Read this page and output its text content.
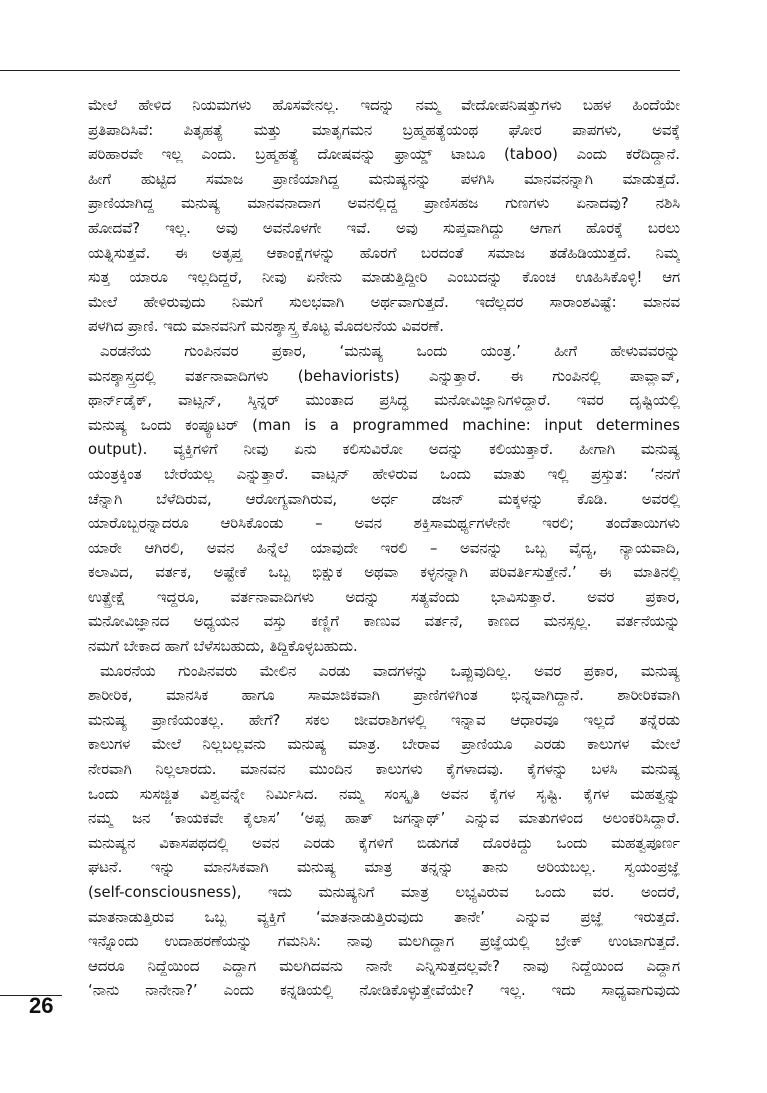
ಮೇಲೆ ಹೇಳಿದ ನಿಯಮಗಳು ಹೊಸವೇನಲ್ಲ. ಇದನ್ನು ನಮ್ಮ ವೇದೋಪನಿಷತ್ತುಗಳು ಬಹಳ ಹಿಂದೆಯೇ
ಪ್ರತಿಪಾದಿಸಿವೆ: ಪಿತೃಹತ್ಯೆ ಮತ್ತು ಮಾತೃಗಮನ ಬ್ರಹ್ಮಹತ್ಯೆಯಂಥ ಘೋರ ಪಾಪಗಳು, ಅವಕ್ಕೆ
ಪರಿಹಾರವೇ ಇಲ್ಲ ಎಂದು. ಬ್ರಹ್ಮಹತ್ಯೆ ದೋಷವನ್ನು ಫ್ರಾಯ್ಡ್ ಟಾಬೂ (taboo) ಎಂದು ಕರೆದಿದ್ದಾನೆ.
ಹೀಗೆ ಹುಟ್ಟಿದ ಸಮಾಜ ಪ್ರಾಣಿಯಾಗಿದ್ದ ಮನುಷ್ಯನನ್ನು ಪಳಗಿಸಿ ಮಾನವನನ್ನಾಗಿ ಮಾಡುತ್ತದೆ.
ಪ್ರಾಣಿಯಾಗಿದ್ದ ಮನುಷ್ಯ ಮಾನವನಾದಾಗ ಅವನಲ್ಲಿದ್ದ ಪ್ರಾಣಿಸಹಜ ಗುಣಗಳು ಏನಾದವು? ನಶಿಸಿ
ಹೋದವೆ? ಇಲ್ಲ. ಅವು ಅವನೊಳಗೇ ಇವೆ. ಅವು ಸುಪ್ತವಾಗಿದ್ದು ಆಗಾಗ ಹೊರಕ್ಕೆ ಬರಲು
ಯತ್ನಿಸುತ್ತವೆ. ಈ ಅತೃಪ್ತ ಆಕಾಂಕ್ಷೆಗಳನ್ನು ಹೊರಗೆ ಬರದಂತೆ ಸಮಾಜ ತಡೆಹಿಡಿಯುತ್ತದೆ. ನಿಮ್ಮ
ಸುತ್ತ ಯಾರೂ ಇಲ್ಲದಿದ್ದರೆ, ನೀವು ಏನೇನು ಮಾಡುತ್ತಿದ್ದೀರಿ ಎಂಬುದನ್ನು ಕೊಂಚ ಊಹಿಸಿಕೊಳ್ಳಿ! ಆಗ
ಮೇಲೆ ಹೇಳಿರುವುದು ನಿಮಗೆ ಸುಲಭವಾಗಿ ಅರ್ಥವಾಗುತ್ತದೆ. ಇದೆಲ್ಲದರ ಸಾರಾಂಶವಿಷ್ಟೆ: ಮಾನವ
ಪಳಗಿದ ಪ್ರಾಣಿ. ಇದು ಮಾನವನಿಗೆ ಮನಶ್ಶಾಸ್ತ್ರ ಕೊಟ್ಟ ಮೊದಲನೆಯ ವಿವರಣೆ.
ಎರಡನೆಯ ಗುಂಪಿನವರ ಪ್ರಕಾರ, ‘ಮನುಷ್ಯ ಒಂದು ಯಂತ್ರ.’ ಹೀಗೆ ಹೇಳುವವರನ್ನು
ಮನಶ್ಶಾಸ್ತ್ರದಲ್ಲಿ ವರ್ತನಾವಾದಿಗಳು (behaviorists) ಎನ್ನುತ್ತಾರೆ. ಈ ಗುಂಪಿನಲ್ಲಿ ಪಾವ್ಲಾವ್,
ಥಾರ್ನ್‌ಡೈಕ್, ವಾಟ್ಸನ್, ಸ್ಕಿನ್ನರ್ ಮುಂತಾದ ಪ್ರಸಿದ್ಧ ಮನೋವಿಜ್ಞಾನಿಗಳಿದ್ದಾರೆ. ಇವರ ದೃಷ್ಟಿಯಲ್ಲಿ
ಮನುಷ್ಯ ಒಂದು ಕಂಪ್ಯೂಟರ್ (man is a programmed machine: input determines
output). ವ್ಯಕ್ತಿಗಳಿಗೆ ನೀವು ಏನು ಕಲಿಸುವಿರೋ ಅದನ್ನು ಕಲಿಯುತ್ತಾರೆ. ಹೀಗಾಗಿ ಮನುಷ್ಯ
ಯಂತ್ರಕ್ಕಿಂತ ಬೇರೆಯಲ್ಲ ಎನ್ನುತ್ತಾರೆ. ವಾಟ್ಸನ್ ಹೇಳಿರುವ ಒಂದು ಮಾತು ಇಲ್ಲಿ ಪ್ರಸ್ತುತ: ‘ನನಗೆ
ಚೆನ್ನಾಗಿ ಬೆಳೆದಿರುವ, ಆರೋಗ್ಯವಾಗಿರುವ, ಅರ್ಧ ಡಜನ್ ಮಕ್ಕಳನ್ನು ಕೊಡಿ. ಅವರಲ್ಲಿ
ಯಾರೊಬ್ಬರನ್ನಾದರೂ ಆರಿಸಿಕೊಂಡು – ಅವನ ಶಕ್ತಿಸಾಮರ್ಥ್ಯಗಳೇನೇ ಇರಲಿ; ತಂದೆತಾಯಿಗಳು
ಯಾರೇ ಆಗಿರಲಿ, ಅವನ ಹಿನ್ನೆಲೆ ಯಾವುದೇ ಇರಲಿ – ಅವನನ್ನು ಒಬ್ಬ ವೈದ್ಯ, ನ್ಯಾಯವಾದಿ,
ಕಲಾವಿದ, ವರ್ತಕ, ಅಷ್ಟೇಕೆ ಒಬ್ಬ ಭಿಕ್ಷುಕ ಅಥವಾ ಕಳ್ಳನನ್ನಾಗಿ ಪರಿವರ್ತಿಸುತ್ತೇನೆ.’ ಈ ಮಾತಿನಲ್ಲಿ
ಉತ್ಪ್ರೇಕ್ಷೆ ಇದ್ದರೂ, ವರ್ತನಾವಾದಿಗಳು ಅದನ್ನು ಸತ್ಯವೆಂದು ಭಾವಿಸುತ್ತಾರೆ. ಅವರ ಪ್ರಕಾರ,
ಮನೋವಿಜ್ಞಾನದ ಅಧ್ಯಯನ ವಸ್ತು ಕಣ್ಣಿಗೆ ಕಾಣುವ ವರ್ತನೆ, ಕಾಣದ ಮನಸ್ಸಲ್ಲ. ವರ್ತನೆಯನ್ನು
ನಮಗೆ ಬೇಕಾದ ಹಾಗೆ ಬೆಳೆಸಬಹುದು, ತಿದ್ದಿಕೊಳ್ಳಬಹುದು.
ಮೂರನೆಯ ಗುಂಪಿನವರು ಮೇಲಿನ ಎರಡು ವಾದಗಳನ್ನು ಒಪ್ಪುವುದಿಲ್ಲ. ಅವರ ಪ್ರಕಾರ, ಮನುಷ್ಯ
ಶಾರೀರಿಕ, ಮಾನಸಿಕ ಹಾಗೂ ಸಾಮಾಜಿಕವಾಗಿ ಪ್ರಾಣಿಗಳಿಗಿಂತ ಭಿನ್ನವಾಗಿದ್ದಾನೆ. ಶಾರೀರಿಕವಾಗಿ
ಮನುಷ್ಯ ಪ್ರಾಣಿಯಂತಲ್ಲ. ಹೇಗೆ? ಸಕಲ ಜೀವರಾಶಿಗಳಲ್ಲಿ ಇನ್ನಾವ ಆಧಾರವೂ ಇಲ್ಲದೆ ತನ್ನೆರಡು
ಕಾಲುಗಳ ಮೇಲೆ ನಿಲ್ಲಬಲ್ಲವನು ಮನುಷ್ಯ ಮಾತ್ರ. ಬೇರಾವ ಪ್ರಾಣಿಯೂ ಎರಡು ಕಾಲುಗಳ ಮೇಲೆ
ನೇರವಾಗಿ ನಿಲ್ಲಲಾರದು. ಮಾನವನ ಮುಂದಿನ ಕಾಲುಗಳು ಕೈಗಳಾದವು. ಕೈಗಳನ್ನು ಬಳಸಿ ಮನುಷ್ಯ
ಒಂದು ಸುಸಜ್ಜಿತ ವಿಶ್ವವನ್ನೇ ನಿರ್ಮಿಸಿದ. ನಮ್ಮ ಸಂಸ್ಕೃತಿ ಅವನ ಕೈಗಳ ಸೃಷ್ಟಿ. ಕೈಗಳ ಮಹತ್ವನ್ನು
ನಮ್ಮ ಜನ ‘ಕಾಯಕವೇ ಕೈಲಾಸ’ ‘ಅಪ್ಪ ಹಾತ್ ಜಗನ್ನಾಥ್’ ಎನ್ನುವ ಮಾತುಗಳಿಂದ ಅಲಂಕರಿಸಿದ್ದಾರೆ.
ಮನುಷ್ಯನ ವಿಕಾಸಪಥದಲ್ಲಿ ಅವನ ಎರಡು ಕೈಗಳಿಗೆ ಬಿಡುಗಡೆ ದೊರಕಿದ್ದು ಒಂದು ಮಹತ್ವಪೂರ್ಣ
ಘಟನೆ. ಇನ್ನು ಮಾನಸಿಕವಾಗಿ ಮನುಷ್ಯ ಮಾತ್ರ ತನ್ನನ್ನು ತಾನು ಅರಿಯಬಲ್ಲ. ಸ್ವಯಂಪ್ರಜ್ಞೆ
(self-consciousness), ಇದು ಮನುಷ್ಯನಿಗೆ ಮಾತ್ರ ಲಭ್ಯವಿರುವ ಒಂದು ವರ. ಅಂದರೆ,
ಮಾತನಾಡುತ್ತಿರುವ ಒಬ್ಬ ವ್ಯಕ್ತಿಗೆ ‘ಮಾತನಾಡುತ್ತಿರುವುದು ತಾನೇ’ ಎನ್ನುವ ಪ್ರಜ್ಞೆ ಇರುತ್ತದೆ.
ಇನ್ನೊಂದು ಉದಾಹರಣೆಯನ್ನು ಗಮನಿಸಿ: ನಾವು ಮಲಗಿದ್ದಾಗ ಪ್ರಜ್ಞೆಯಲ್ಲಿ ಬ್ರೇಕ್ ಉಂಟಾಗುತ್ತದೆ.
ಆದರೂ ನಿದ್ದೆಯಿಂದ ಎದ್ದಾಗ ಮಲಗಿದವನು ನಾನೇ ಎನ್ನಿಸುತ್ತದಲ್ಲವೇ? ನಾವು ನಿದ್ದೆಯಿಂದ ಎದ್ದಾಗ
‘ನಾನು ನಾನೇನಾ?’ ಎಂದು ಕನ್ನಡಿಯಲ್ಲಿ ನೋಡಿಕೊಳ್ಳುತ್ತೇವೆಯೇ? ಇಲ್ಲ. ಇದು ಸಾಧ್ಯವಾಗುವುದು
26
